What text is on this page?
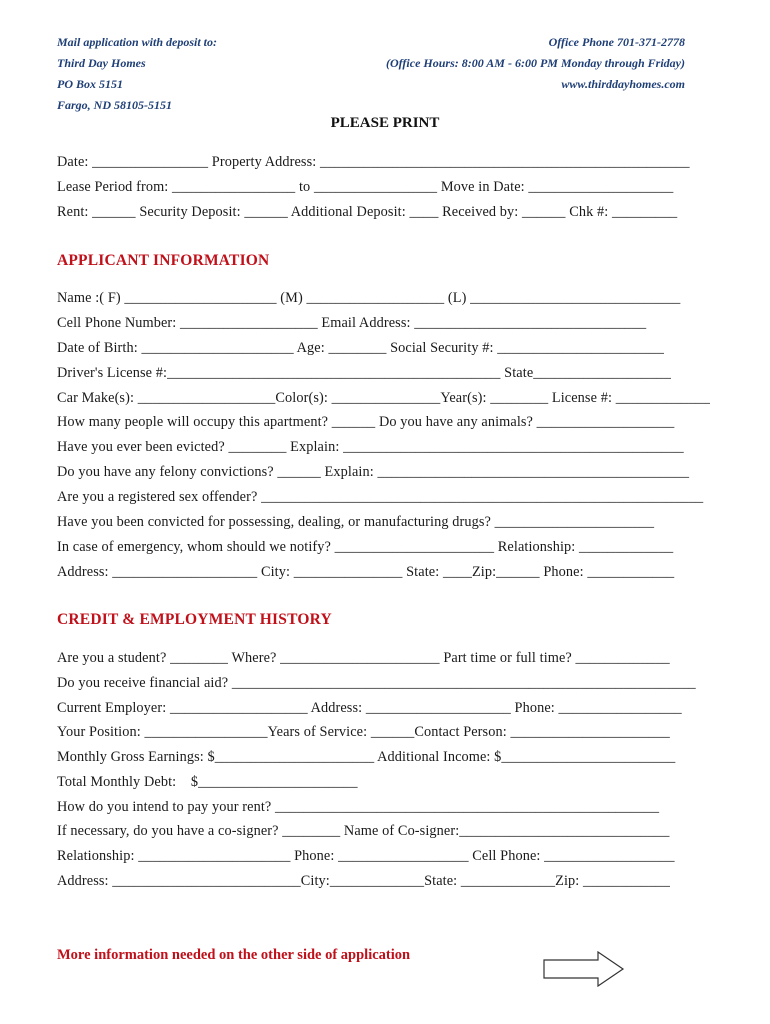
Mail application with deposit to:
Third Day Homes
PO Box 5151
Fargo, ND 58105-5151
Office Phone 701-371-2778
(Office Hours: 8:00 AM - 6:00 PM Monday through Friday)
www.thirddayhomes.com
PLEASE PRINT
Date: ________________ Property Address: ___________________________________________________
Lease Period from: _________________ to _________________ Move in Date: ____________________
Rent: ______ Security Deposit: ______ Additional Deposit: ____ Received by: ______ Chk #: _________
APPLICANT INFORMATION
Name :( F) _____________________ (M) ___________________ (L) _____________________________
Cell Phone Number: ___________________ Email Address: ________________________________
Date of Birth: _____________________ Age: ________ Social Security #: _______________________
Driver's License #:______________________________________________ State___________________
Car Make(s): ___________________Color(s): _______________Year(s): ________ License #: _____________
How many people will occupy this apartment? ______ Do you have any animals? ___________________
Have you ever been evicted? ________ Explain: _______________________________________________
Do you have any felony convictions? ______ Explain: ___________________________________________
Are you a registered sex offender? _____________________________________________________________
Have you been convicted for possessing, dealing, or manufacturing drugs? ______________________
In case of emergency, whom should we notify? ______________________ Relationship: _____________
Address: ____________________ City: _______________ State: ____Zip:______ Phone: ____________
CREDIT & EMPLOYMENT HISTORY
Are you a student? ________ Where? ______________________ Part time or full time? _____________
Do you receive financial aid? ________________________________________________________________
Current Employer: ___________________ Address: ____________________ Phone: _________________
Your Position: _________________Years of Service: ______Contact Person: ______________________
Monthly Gross Earnings: $______________________ Additional Income: $________________________
Total Monthly Debt:    $______________________
How do you intend to pay your rent? _____________________________________________________
If necessary, do you have a co-signer? ________ Name of Co-signer:_____________________________
Relationship: _____________________ Phone: __________________ Cell Phone: __________________
Address: __________________________City:_____________State: _____________Zip: ____________
More information needed on the other side of application
